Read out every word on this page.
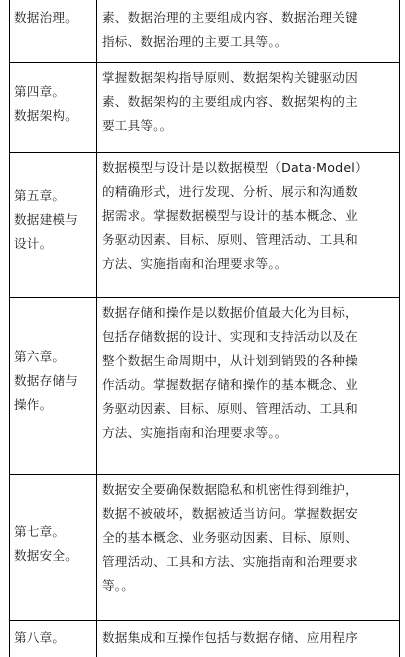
数据治理。	素、数据治理的主要组成内容、数据治理关键
指标、数据治理的主要工具等。。
第四章。
数据架构。
掌握数据架构指导原则、数据架构关键驱动因
素、数据架构的主要组成内容、数据架构的主
要工具等。。
第五章。
数据建模与
设计。
数据模型与设计是以数据模型（Data·Model）
的精确形式，进行发现、分析、展示和沟通数
据需求。掌握数据模型与设计的基本概念、业
务驱动因素、目标、原则、管理活动、工具和
方法、实施指南和治理要求等。。
第六章。
数据存储与
操作。
数据存储和操作是以数据价值最大化为目标，
包括存储数据的设计、实现和支持活动以及在
整个数据生命周期中，从计划到销毁的各种操
作活动。掌握数据存储和操作的基本概念、业
务驱动因素、目标、原则、管理活动、工具和
方法、实施指南和治理要求等。。
第七章。
数据安全。
数据安全要确保数据隐私和机密性得到维护，
数据不被破坏，数据被适当访问。掌握数据安
全的基本概念、业务驱动因素、目标、原则、
管理活动、工具和方法、实施指南和治理要求
等。。
第八章。	数据集成和互操作包括与数据存储、应用程序
